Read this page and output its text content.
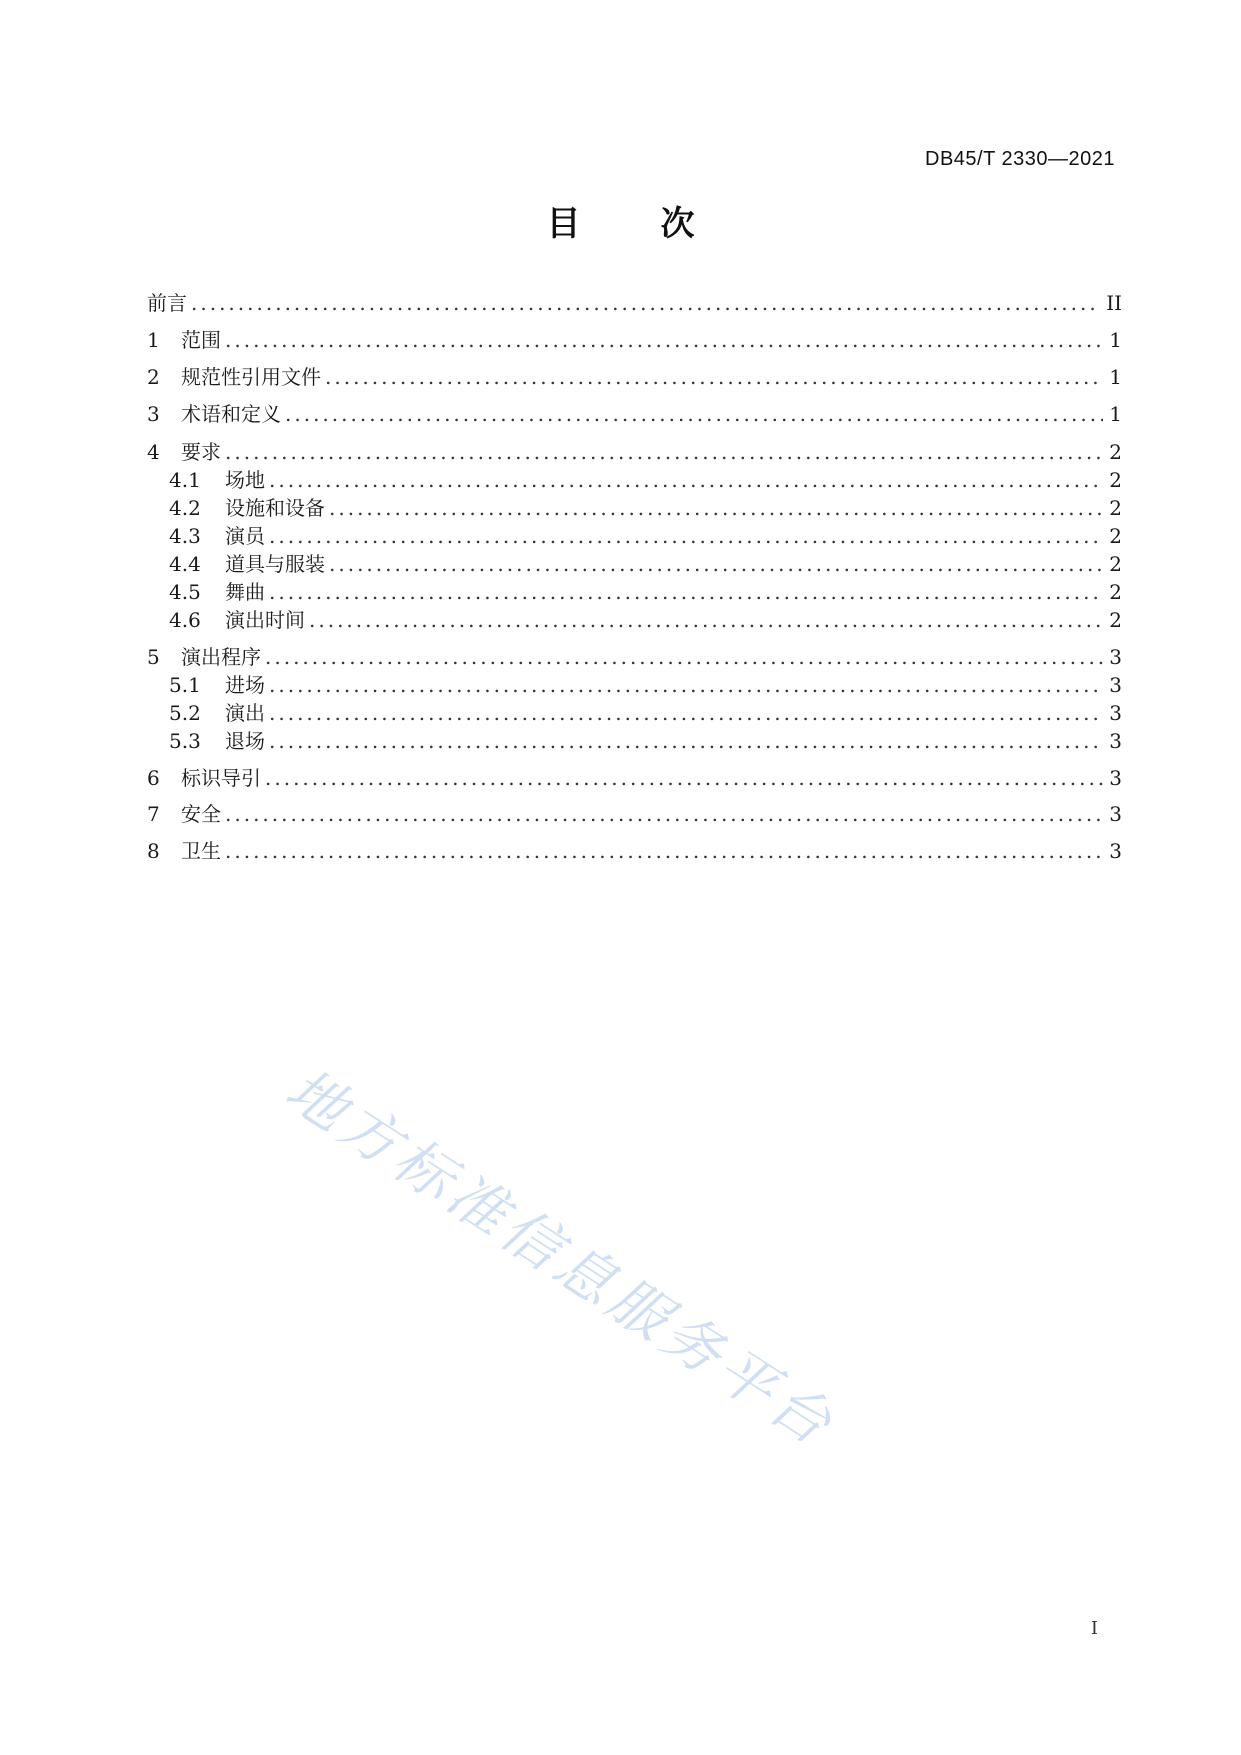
DB45/T 2330—2021
目 次
前言 .....	II
1 范围 .....	1
2 规范性引用文件 .....	1
3 术语和定义 .....	1
4 要求 .....	2
4.1 场地 .....	2
4.2 设施和设备 .....	2
4.3 演员 .....	2
4.4 道具与服装 .....	2
4.5 舞曲 .....	2
4.6 演出时间 .....	2
5 演出程序 .....	3
5.1 进场 .....	3
5.2 演出 .....	3
5.3 退场 .....	3
6 标识导引 .....	3
7 安全 .....	3
8 卫生 .....	3
地方标准信息服务平台
I
